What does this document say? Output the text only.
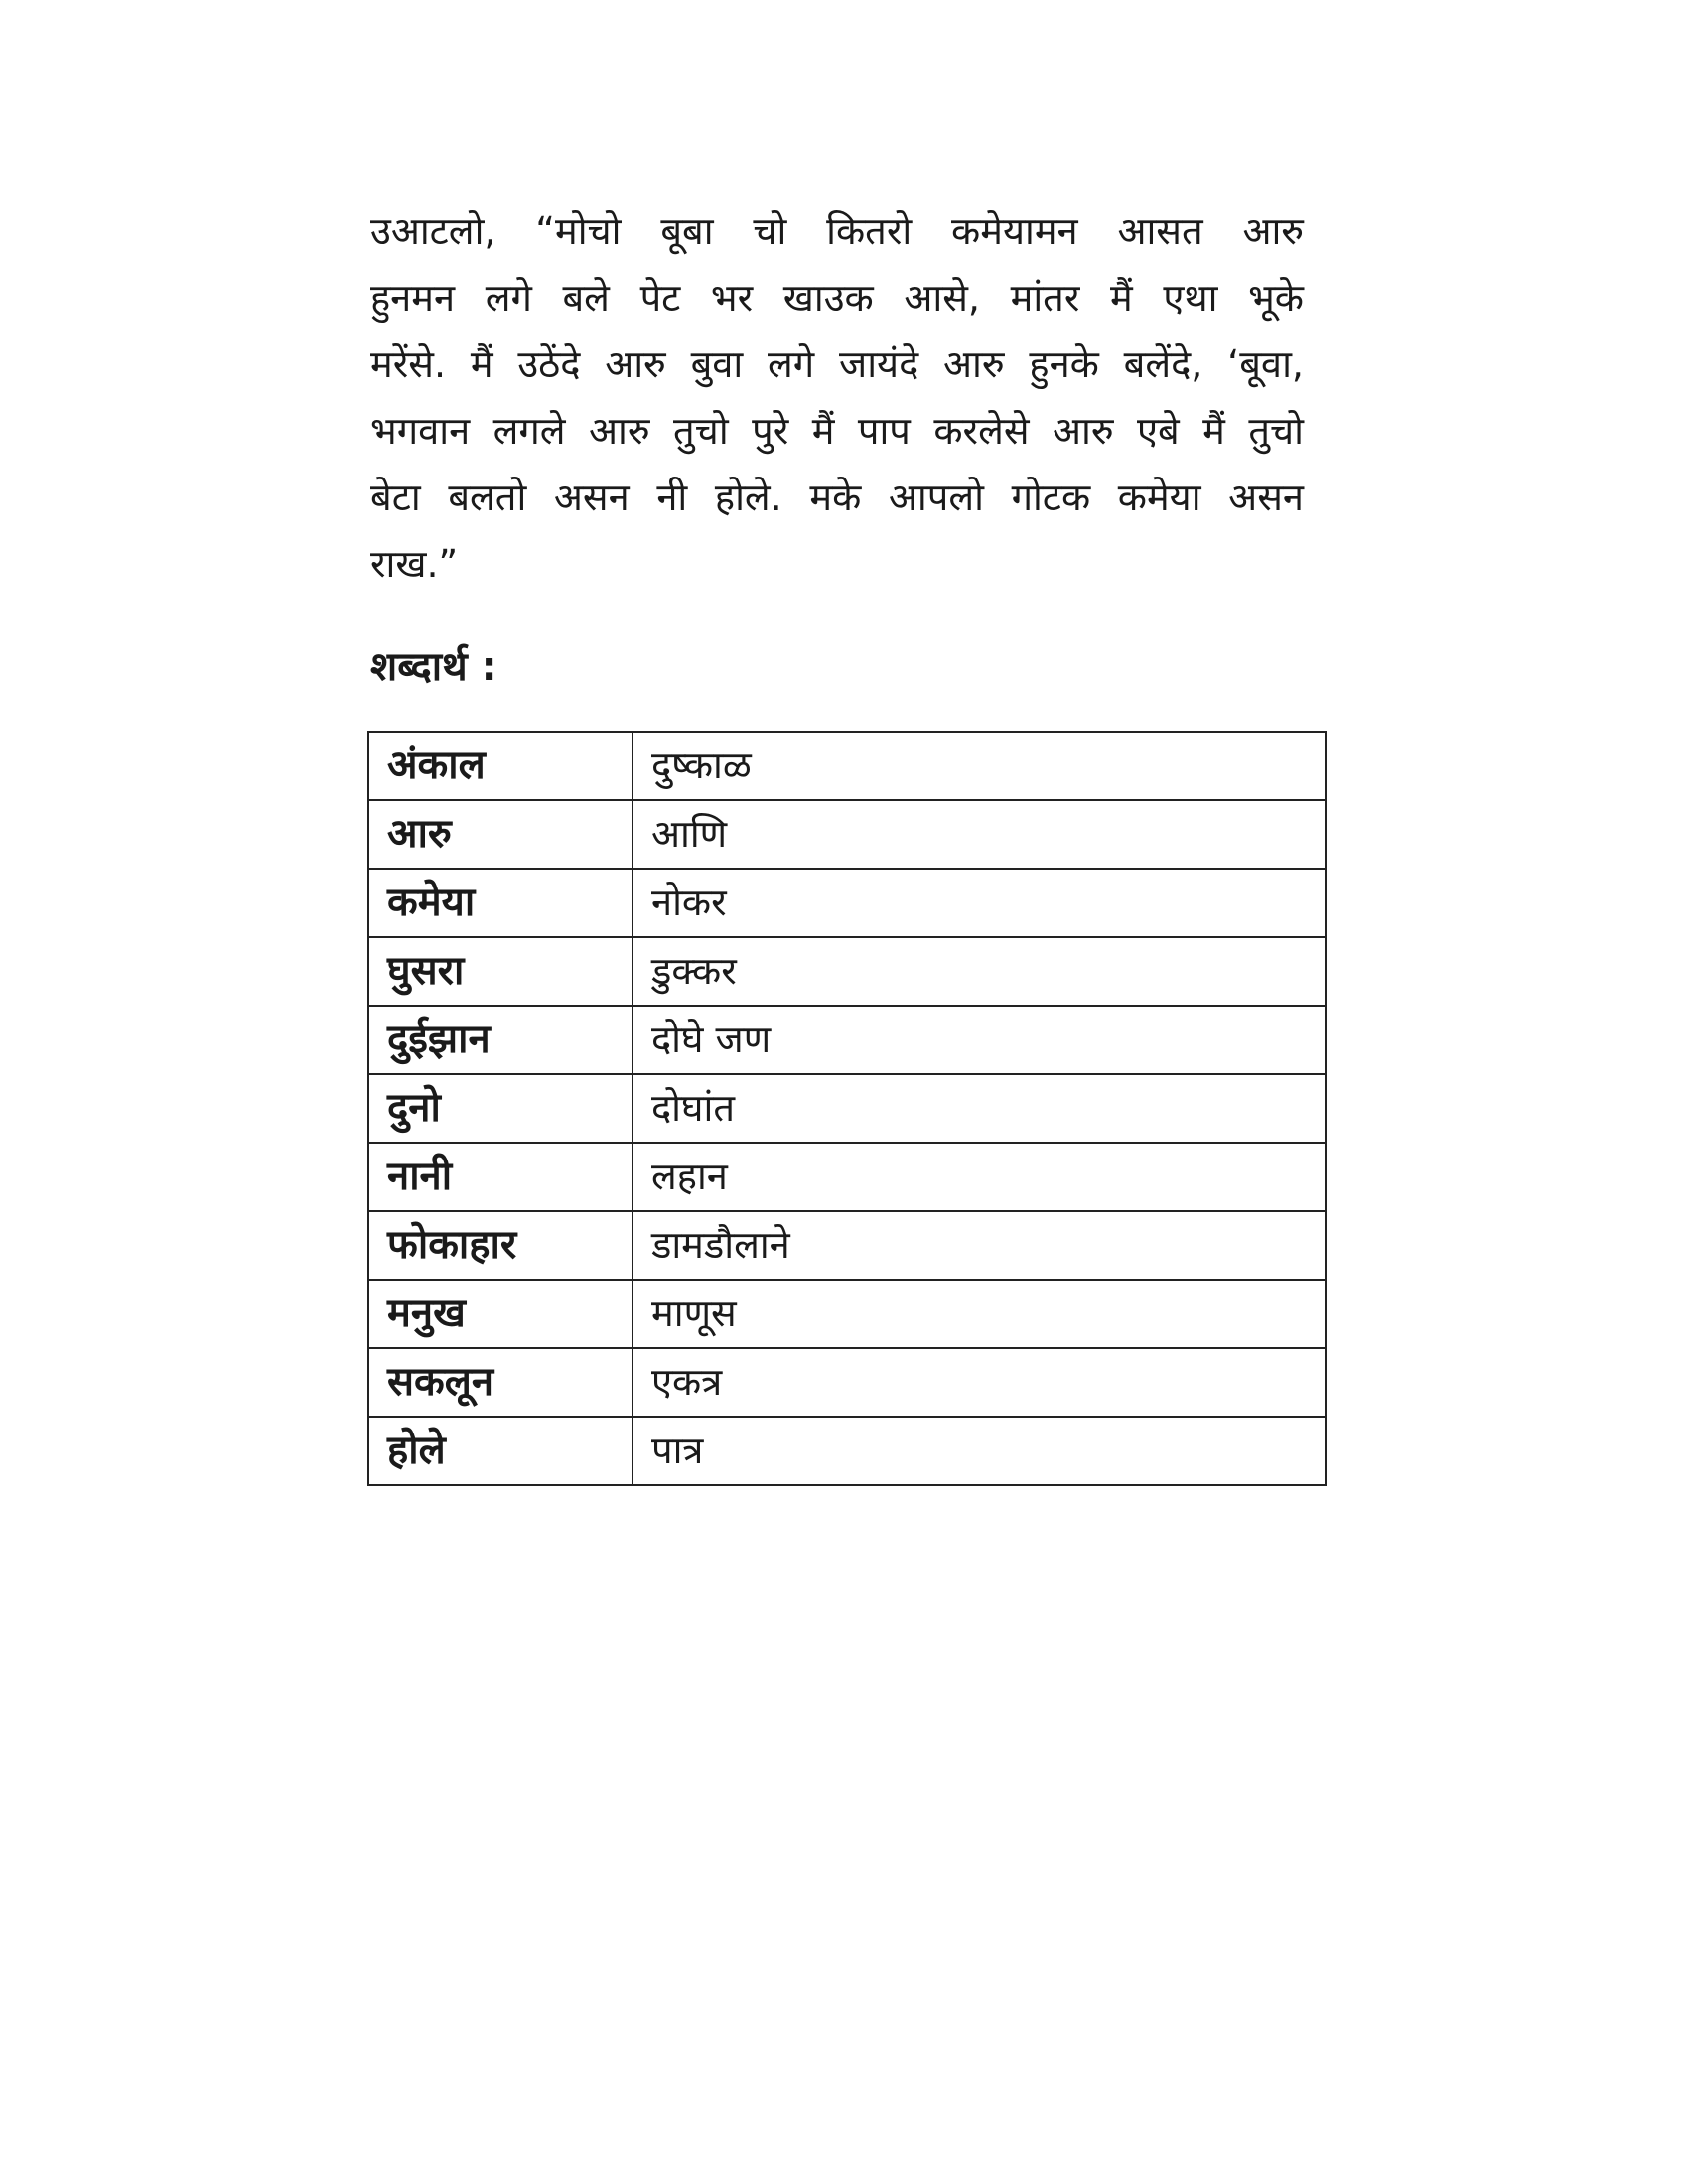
उआटलो, “मोचो बूबा चो कितरो कमेयामन आसत आरु
हुनमन लगे बले पेट भर खाउक आसे, मांतर मैं एथा भूके
मरेंसे. मैं उठेंदे आरु बुवा लगे जायंदे आरु हुनके बलेंदे, ‘बूवा,
भगवान लगले आरु तुचो पुरे मैं पाप करलेसे आरु एबे मैं तुचो
बेटा बलतो असन नी होले. मके आपलो गोटक कमेया असन
राख.”
शब्दार्थ :
अंकाल	दुष्काळ
आरु	आणि
कमेया	नोकर
घुसरा	डुक्कर
दुईझान	दोघे जण
दुनो	दोघांत
नानी	लहान
फोकाहार	डामडौलाने
मनुख	माणूस
सकलून	एकत्र
होले	पात्र
